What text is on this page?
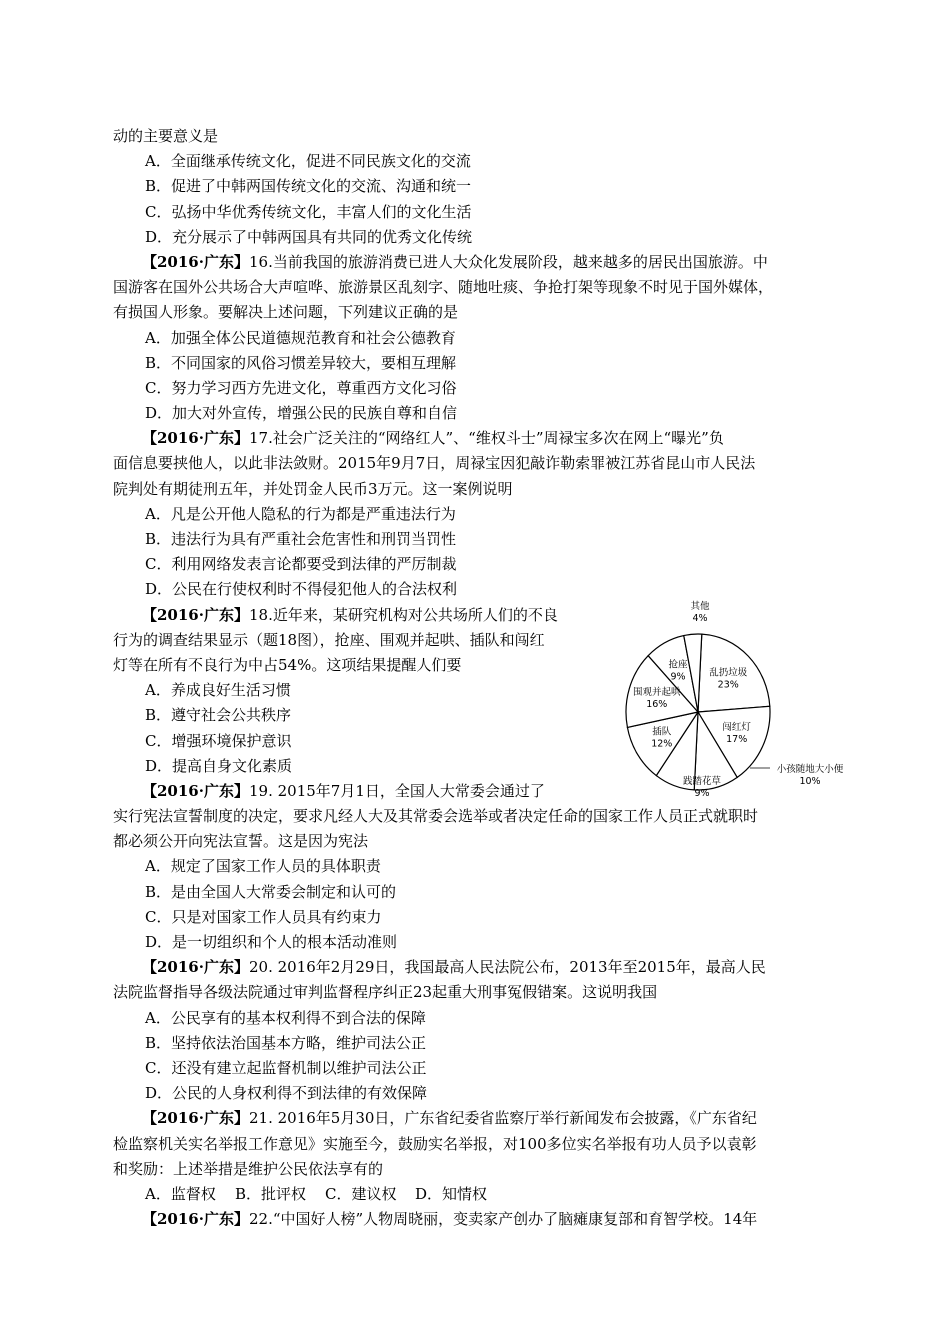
动的主要意义是
A．全面继承传统文化，促进不同民族文化的交流
B．促进了中韩两国传统文化的交流、沟通和统一
C．弘扬中华优秀传统文化，丰富人们的文化生活
D．充分展示了中韩两国具有共同的优秀文化传统
【2016·广东】16.当前我国的旅游消费已进人大众化发展阶段，越来越多的居民出国旅游。中
国游客在国外公共场合大声喧哗、旅游景区乱刻字、随地吐痰、争抢打架等现象不时见于国外媒体，
有损国人形象。要解决上述问题，下列建议正确的是
A．加强全体公民道德规范教育和社会公德教育
B．不同国家的风俗习惯差异较大，要相互理解
C．努力学习西方先进文化，尊重西方文化习俗
D．加大对外宣传，增强公民的民族自尊和自信
【2016·广东】17.社会广泛关注的“网络红人”、“维权斗士”周禄宝多次在网上“曝光”负
面信息要挟他人，以此非法敛财。2015年9月7日，周禄宝因犯敲诈勒索罪被江苏省昆山市人民法
院判处有期徒刑五年，并处罚金人民币3万元。这一案例说明
A．凡是公开他人隐私的行为都是严重违法行为
B．违法行为具有严重社会危害性和刑罚当罚性
C．利用网络发表言论都要受到法律的严厉制裁
D．公民在行使权利时不得侵犯他人的合法权利
【2016·广东】18.近年来，某研究机构对公共场所人们的不良
行为的调查结果显示（题18图），抢座、围观并起哄、插队和闯红
灯等在所有不良行为中占54%。这项结果提醒人们要
A．养成良好生活习惯
B．遵守社会公共秩序
C．增强环境保护意识
D．提高自身文化素质
【2016·广东】19. 2015年7月1日，全国人大常委会通过了
实行宪法宣誓制度的决定，要求凡经人大及其常委会选举或者决定任命的国家工作人员正式就职时
都必须公开向宪法宣誓。这是因为宪法
A．规定了国家工作人员的具体职责
B．是由全国人大常委会制定和认可的
C．只是对国家工作人员具有约束力
D．是一切组织和个人的根本活动准则
【2016·广东】20. 2016年2月29日，我国最高人民法院公布，2013年至2015年，最高人民
法院监督指导各级法院通过审判监督程序纠正23起重大刑事冤假错案。这说明我国
A．公民享有的基本权利得不到合法的保障
B．坚持依法治国基本方略，维护司法公正
C．还没有建立起监督机制以维护司法公正
D．公民的人身权利得不到法律的有效保障
【2016·广东】21. 2016年5月30日，广东省纪委省监察厅举行新闻发布会披露，《广东省纪
检监察机关实名举报工作意见》实施至今，鼓励实名举报，对100多位实名举报有功人员予以袁彰
和奖励：上述举措是维护公民依法享有的
A．监督权 B．批评权 C．建议权 D．知情权
【2016·广东】22.“中国好人榜”人物周晓丽，变卖家产创办了脑瘫康复部和育智学校。14年
乱扔垃圾
23%
闯红灯
17%
小孩随地大小便
10%
践踏花草
9%
插队
12%
围观并起哄
16%
抢座
9%
其他
4%
